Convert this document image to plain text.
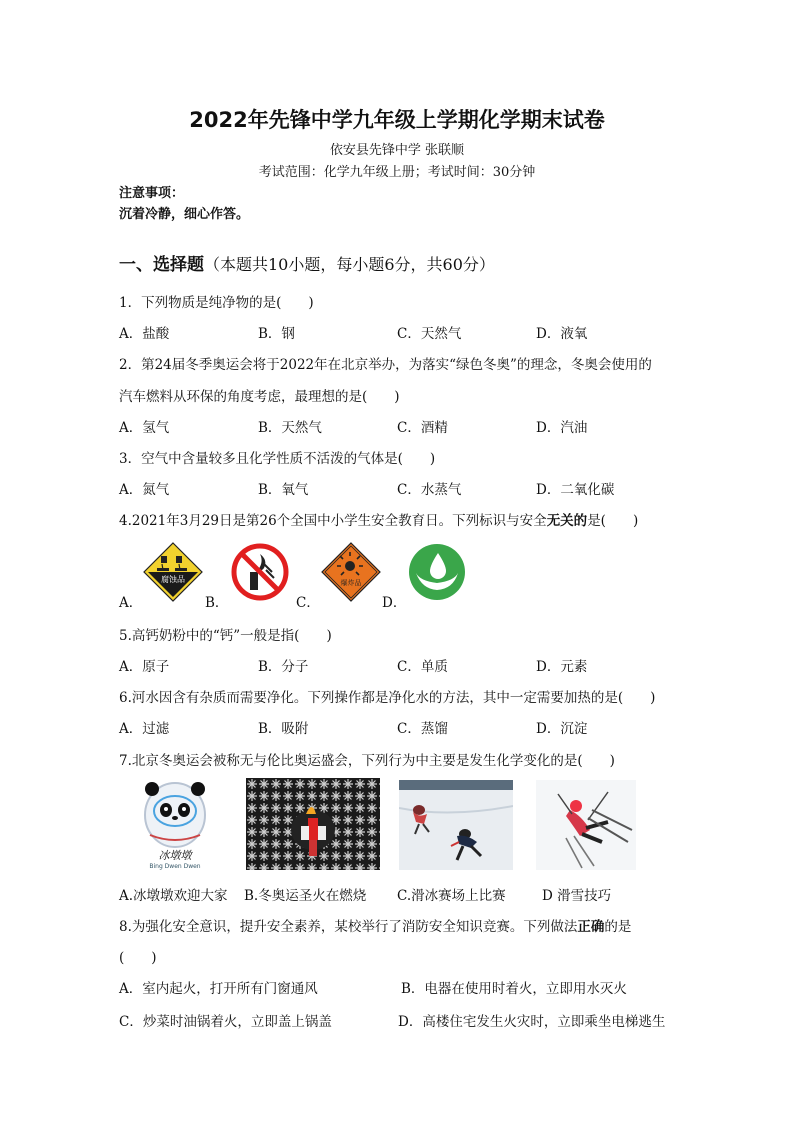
2022年先锋中学九年级上学期化学期末试卷
依安县先锋中学 张联顺
考试范围：化学九年级上册；考试时间：30分钟
注意事项：
沉着冷静，细心作答。
一、选择题（本题共10小题，每小题6分，共60分）
1．下列物质是纯净物的是(　　)
A．盐酸	B．钢	C．天然气	D．液氧
2．第24届冬季奥运会将于2022年在北京举办，为落实“绿色冬奥”的理念，冬奥会使用的
汽车燃料从环保的角度考虑，最理想的是(　　)
A．氢气	B．天然气	C．酒精	D．汽油
3．空气中含量较多且化学性质不活泼的气体是(　　)
A．氮气	B．氧气	C．水蒸气	D．二氧化碳
4.2021年3月29日是第26个全国中小学生安全教育日。下列标识与安全无关的是(　　)
A．
腐蚀品
B．	C．
爆炸品
D．
5.高钙奶粉中的“钙”一般是指(　　)
A．原子	B．分子	C．单质	D．元素
6.河水因含有杂质而需要净化。下列操作都是净化水的方法，其中一定需要加热的是(　　)
A．过滤	B．吸附	C．蒸馏	D．沉淀
7.北京冬奥运会被称无与伦比奥运盛会，下列行为中主要是发生化学变化的是(　　)
冰墩墩
Bing Dwen Dwen
A.冰墩墩欢迎大家 B.冬奥运圣火在燃烧 C.滑冰赛场上比赛	D 滑雪技巧
8.为强化安全意识，提升安全素养，某校举行了消防安全知识竞赛。下列做法正确的是
(　　)
A．室内起火，打开所有门窗通风	B．电器在使用时着火，立即用水灭火
C．炒菜时油锅着火，立即盖上锅盖	D．高楼住宅发生火灾时，立即乘坐电梯逃生
